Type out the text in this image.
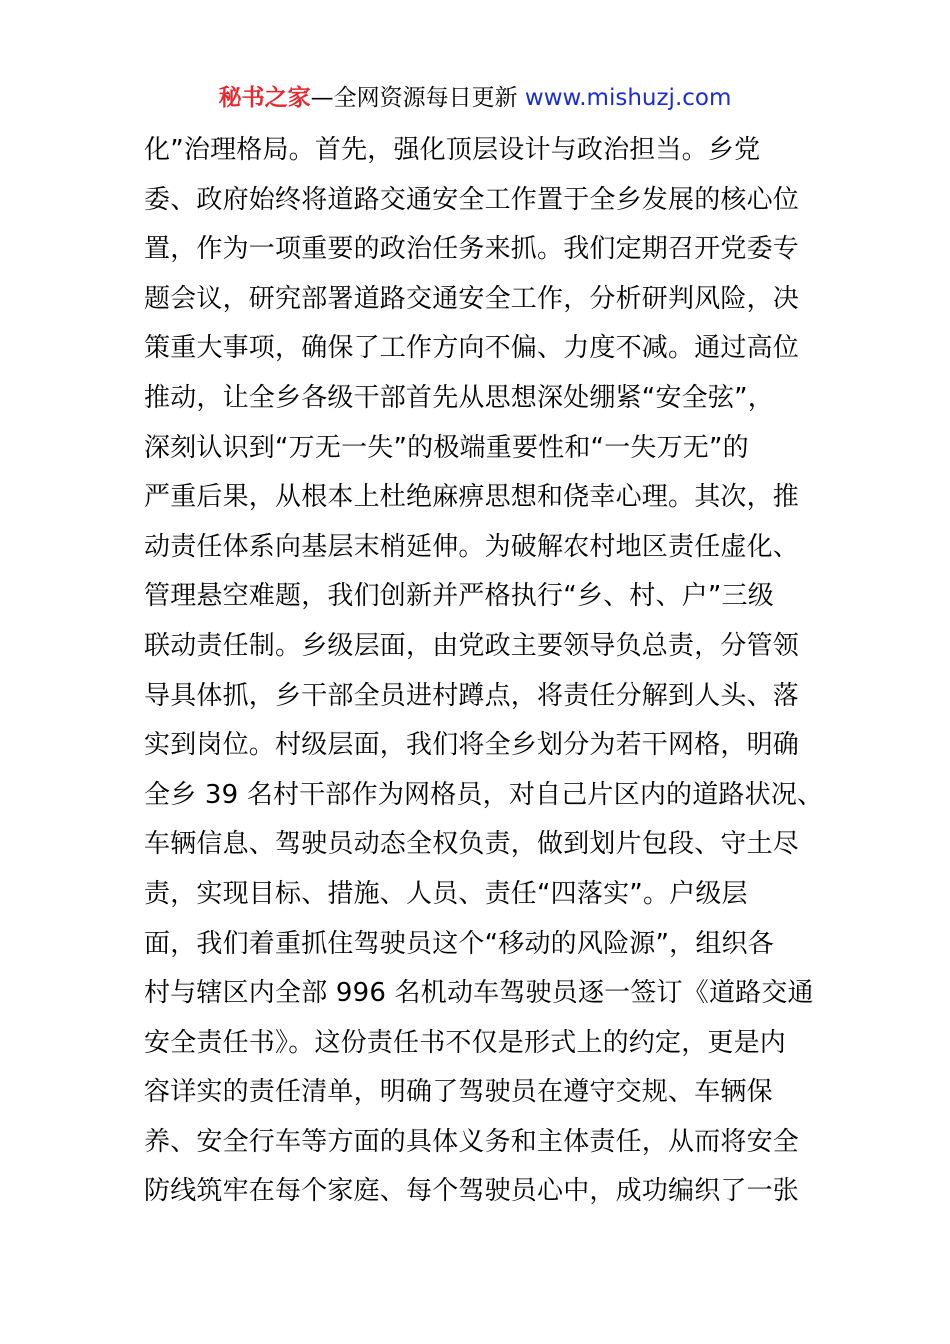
秘书之家—全网资源每日更新 www.mishuzj.com
化”治理格局。首先，强化顶层设计与政治担当。乡党
委、政府始终将道路交通安全工作置于全乡发展的核心位
置，作为一项重要的政治任务来抓。我们定期召开党委专
题会议，研究部署道路交通安全工作，分析研判风险，决
策重大事项，确保了工作方向不偏、力度不减。通过高位
推动，让全乡各级干部首先从思想深处绷紧“安全弦”，
深刻认识到“万无一失”的极端重要性和“一失万无”的
严重后果，从根本上杜绝麻痹思想和侥幸心理。其次，推
动责任体系向基层末梢延伸。为破解农村地区责任虚化、
管理悬空难题，我们创新并严格执行“乡、村、户”三级
联动责任制。乡级层面，由党政主要领导负总责，分管领
导具体抓，乡干部全员进村蹲点，将责任分解到人头、落
实到岗位。村级层面，我们将全乡划分为若干网格，明确
全乡 39 名村干部作为网格员，对自己片区内的道路状况、
车辆信息、驾驶员动态全权负责，做到划片包段、守土尽
责，实现目标、措施、人员、责任“四落实”。户级层
面，我们着重抓住驾驶员这个“移动的风险源”，组织各
村与辖区内全部 996 名机动车驾驶员逐一签订《道路交通
安全责任书》。这份责任书不仅是形式上的约定，更是内
容详实的责任清单，明确了驾驶员在遵守交规、车辆保
养、安全行车等方面的具体义务和主体责任，从而将安全
防线筑牢在每个家庭、每个驾驶员心中，成功编织了一张
